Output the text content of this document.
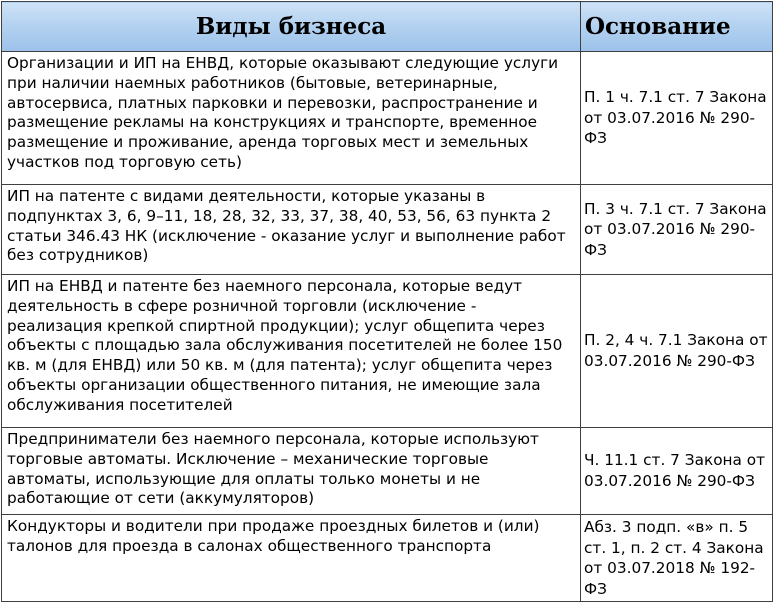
Виды бизнеса	Основание
Организации и ИП на ЕНВД, которые оказывают следующие услуги при наличии наемных работников (бытовые, ветеринарные, автосервиса, платных парковки и перевозки, распространение и размещение рекламы на конструкциях и транспорте, временное размещение и проживание, аренда торговых мест и земельных участков под торговую сеть)	П. 1 ч. 7.1 ст. 7 Закона от 03.07.2016 № 290-ФЗ
ИП на патенте с видами деятельности, которые указаны в подпунктах 3, 6, 9–11, 18, 28, 32, 33, 37, 38, 40, 53, 56, 63 пункта 2 статьи 346.43 НК (исключение - оказание услуг и выполнение работ без сотрудников)	П. 3 ч. 7.1 ст. 7 Закона от 03.07.2016 № 290-ФЗ
ИП на ЕНВД и патенте без наемного персонала, которые ведут деятельность в сфере розничной торговли (исключение - реализация крепкой спиртной продукции); услуг общепита через объекты с площадью зала обслуживания посетителей не более 150 кв. м (для ЕНВД) или 50 кв. м (для патента); услуг общепита через объекты организации общественного питания, не имеющие зала обслуживания посетителей	П. 2, 4 ч. 7.1 Закона от 03.07.2016 № 290-ФЗ
Предприниматели без наемного персонала, которые используют торговые автоматы. Исключение – механические торговые автоматы, использующие для оплаты только монеты и не работающие от сети (аккумуляторов)	Ч. 11.1 ст. 7 Закона от 03.07.2016 № 290-ФЗ
Кондукторы и водители при продаже проездных билетов и (или) талонов для проезда в салонах общественного транспорта	Абз. 3 подп. «в» п. 5 ст. 1, п. 2 ст. 4 Закона от 03.07.2018 № 192-ФЗ
